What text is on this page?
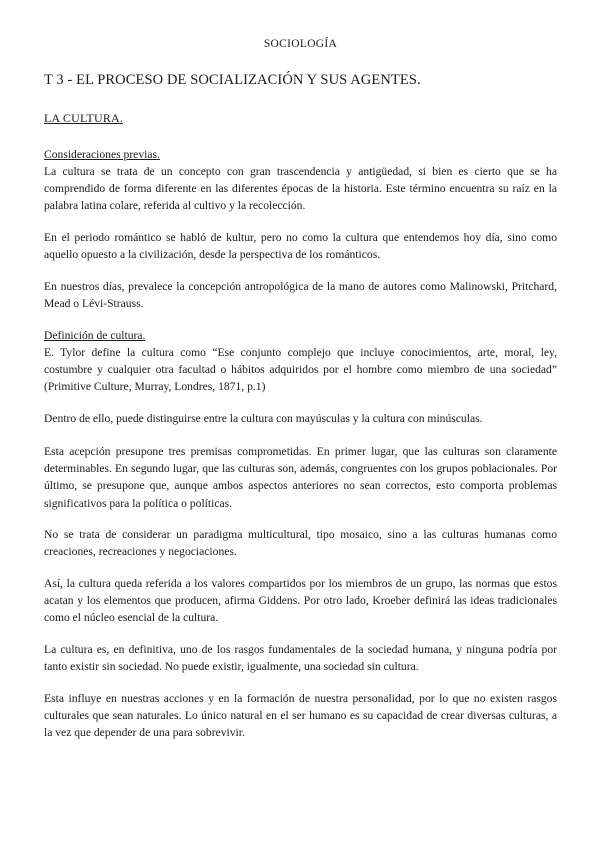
SOCIOLOGÍA
T 3 - EL PROCESO DE SOCIALIZACIÓN Y SUS AGENTES.
LA CULTURA.
Consideraciones previas.
La cultura se trata de un concepto con gran trascendencia y antigüedad, si bien es cierto que se ha comprendido de forma diferente en las diferentes épocas de la historia. Este término encuentra su raíz en la palabra latina colare, referida al cultivo y la recolección.
En el periodo romántico se habló de kultur, pero no como la cultura que entendemos hoy día, sino como aquello opuesto a la civilización, desde la perspectiva de los románticos.
En nuestros días, prevalece la concepción antropológica de la mano de autores como Malinowski, Pritchard, Mead o Lévi-Strauss.
Definición de cultura.
E. Tylor define la cultura como “Ese conjunto complejo que incluye conocimientos, arte, moral, ley, costumbre y cualquier otra facultad o hábitos adquiridos por el hombre como miembro de una sociedad” (Primitive Culture, Murray, Londres, 1871, p.1)
Dentro de ello, puede distinguirse entre la cultura con mayúsculas y la cultura con minúsculas.
Esta acepción presupone tres premisas comprometidas. En primer lugar, que las culturas son claramente determinables. En segundo lugar, que las culturas son, además, congruentes con los grupos poblacionales. Por último, se presupone que, aunque ambos aspectos anteriores no sean correctos, esto comporta problemas significativos para la política o políticas.
No se trata de considerar un paradigma multicultural, tipo mosaico, sino a las culturas humanas como creaciones, recreaciones y negociaciones.
Así, la cultura queda referida a los valores compartidos por los miembros de un grupo, las normas que estos acatan y los elementos que producen, afirma Giddens. Por otro lado, Kroeber definirá las ideas tradicionales como el núcleo esencial de la cultura.
La cultura es, en definitiva, uno de los rasgos fundamentales de la sociedad humana, y ninguna podría por tanto existir sin sociedad. No puede existir, igualmente, una sociedad sin cultura.
Esta influye en nuestras acciones y en la formación de nuestra personalidad, por lo que no existen rasgos culturales que sean naturales. Lo único natural en el ser humano es su capacidad de crear diversas culturas, a la vez que depender de una para sobrevivir.
